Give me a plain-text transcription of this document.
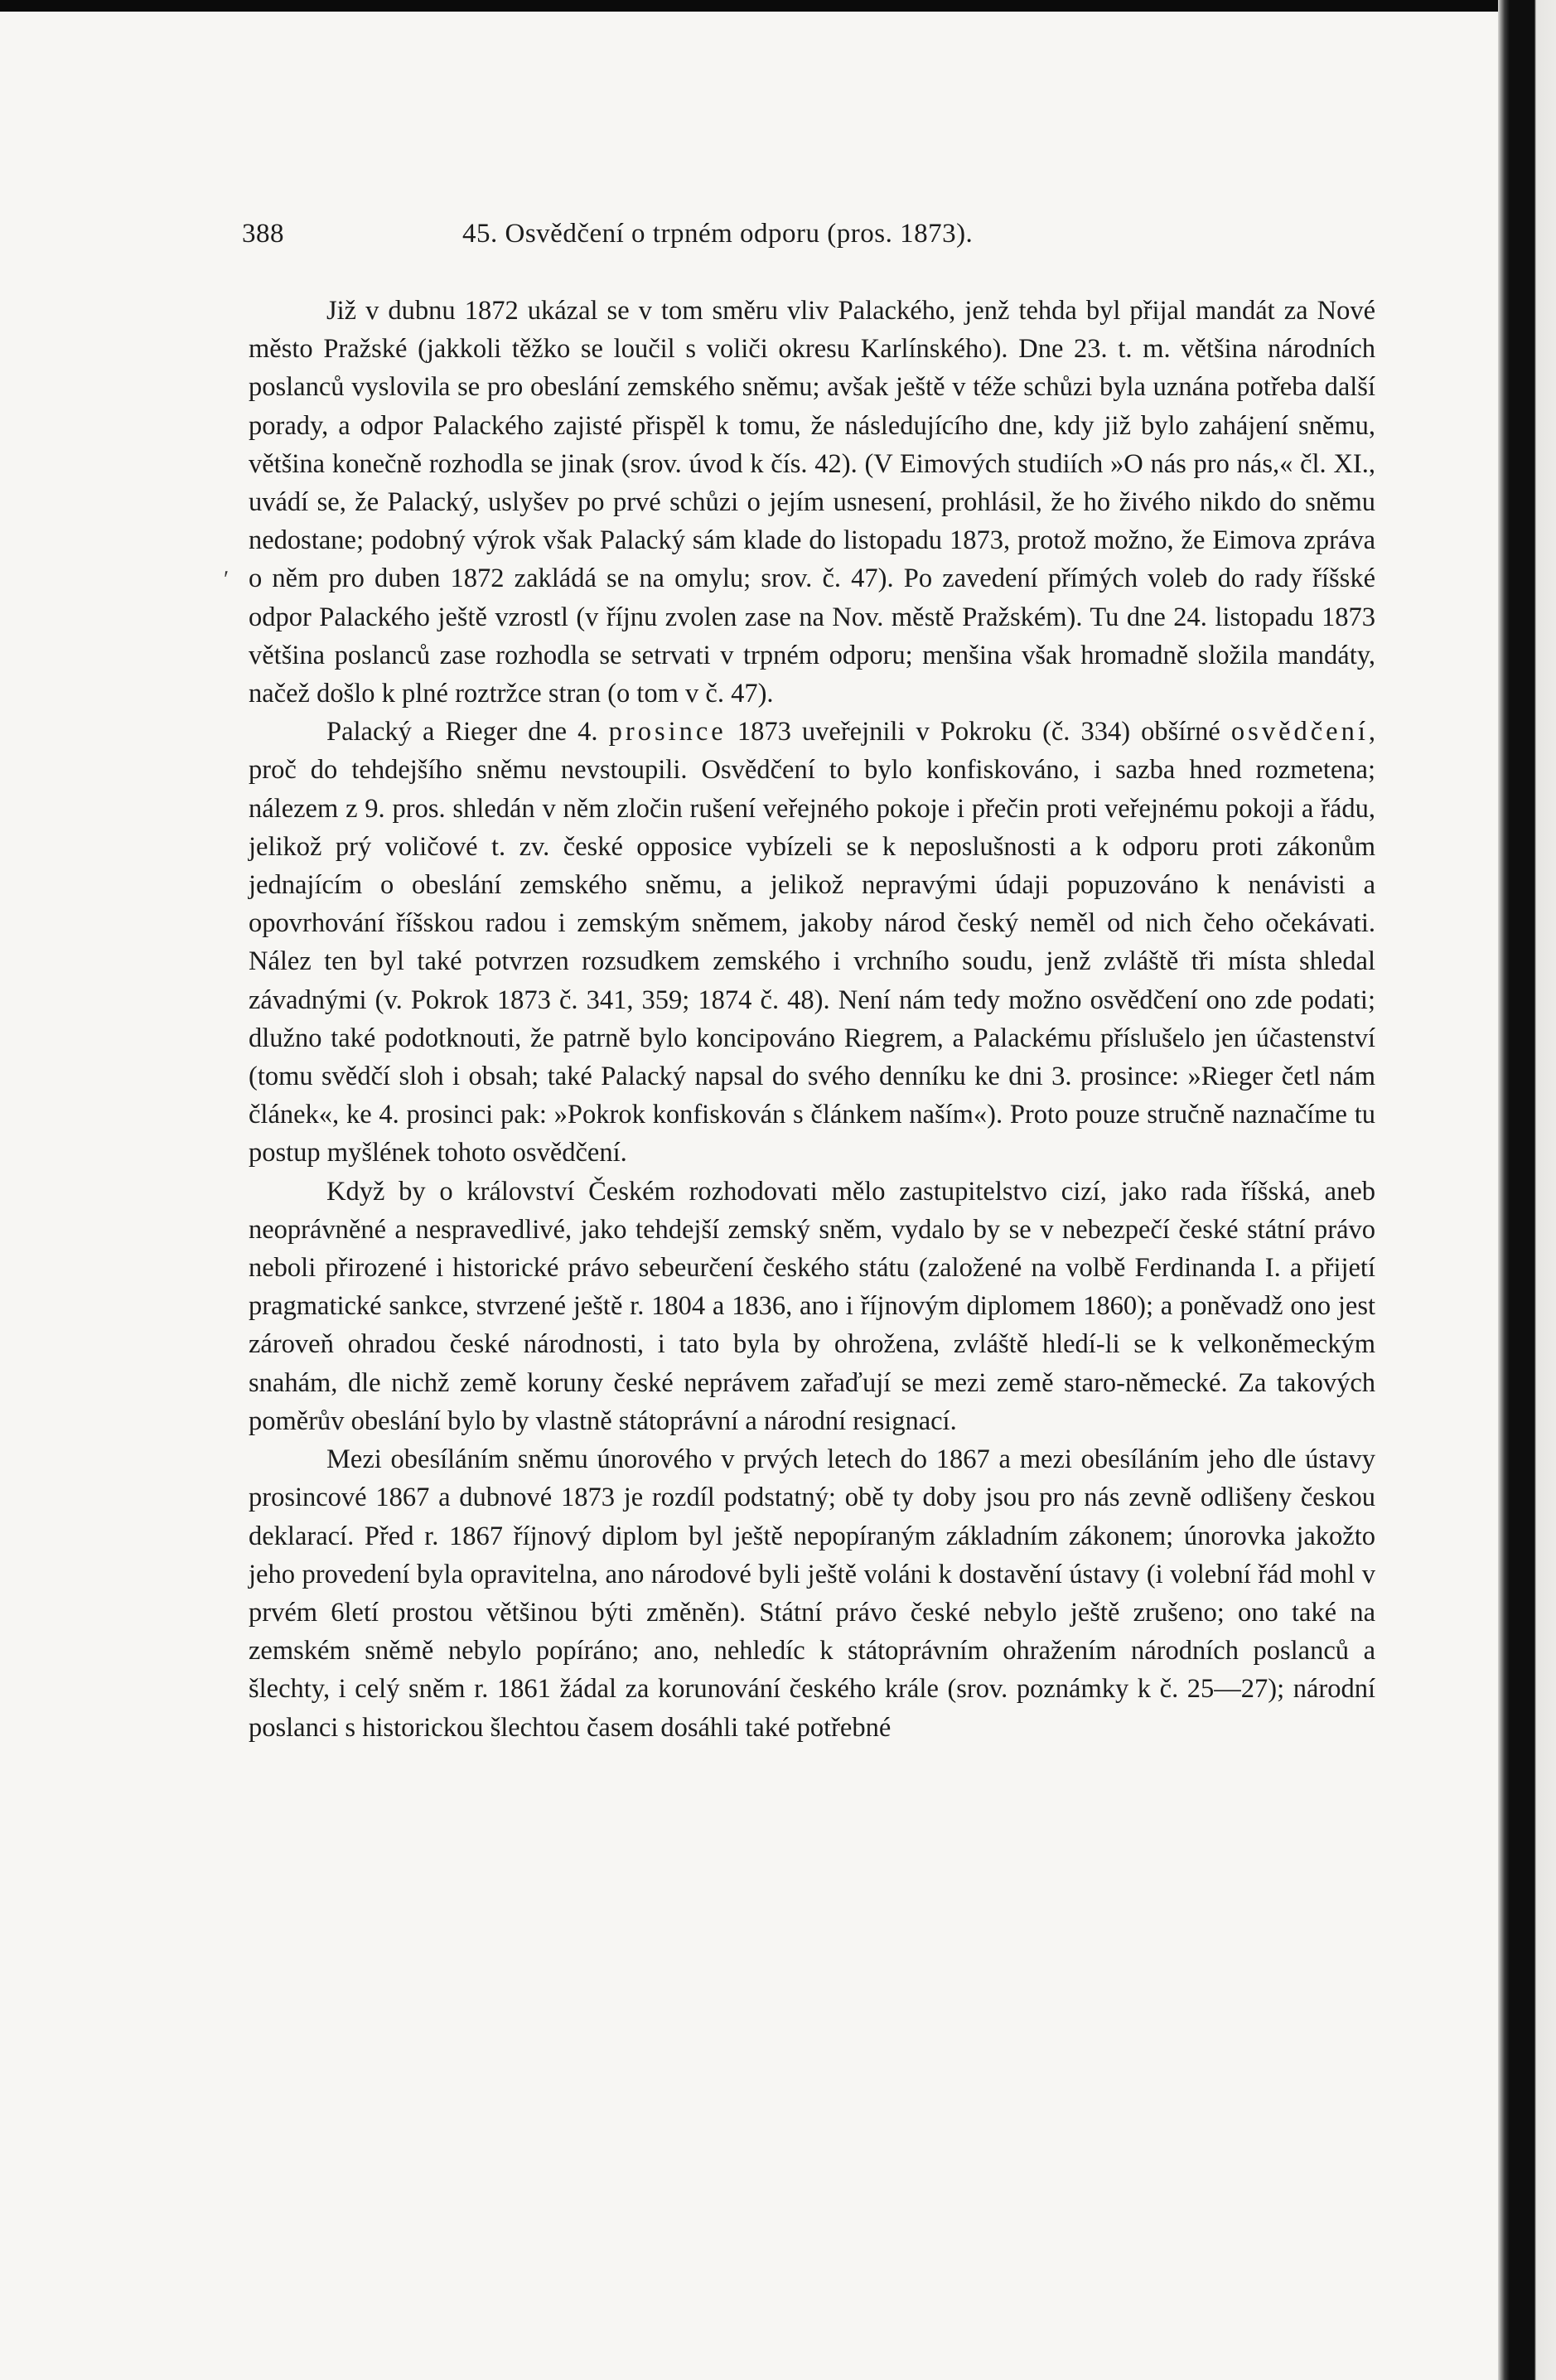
388	45. Osvědčení o trpném odporu (pros. 1873).
ʹ

Již v dubnu 1872 ukázal se v tom směru vliv Palackého, jenž tehda byl přijal mandát za Nové město Pražské (jakkoli těžko se loučil s voliči okresu Karlínského). Dne 23. t. m. většina národních poslanců vyslovila se pro obeslání zemského sněmu; avšak ještě v téže schůzi byla uznána potřeba další porady, a odpor Palackého zajisté přispěl k tomu, že následujícího dne, kdy již bylo zahájení sněmu, většina konečně rozhodla se jinak (srov. úvod k čís. 42). (V Eimových studiích »O nás pro nás,« čl. XI., uvádí se, že Palacký, uslyšev po prvé schůzi o jejím usnesení, prohlásil, že ho živého nikdo do sněmu nedostane; podobný výrok však Palacký sám klade do listopadu 1873, protož možno, že Eimova zpráva o něm pro duben 1872 zakládá se na omylu; srov. č. 47). Po zavedení přímých voleb do rady říšské odpor Palackého ještě vzrostl (v říjnu zvolen zase na Nov. městě Pražském). Tu dne 24. listopadu 1873 většina poslanců zase rozhodla se setrvati v trpném odporu; menšina však hromadně složila mandáty, načež došlo k plné roztržce stran (o tom v č. 47).

Palacký a Rieger dne 4. prosince 1873 uveřejnili v Pokroku (č. 334) obšírné osvědčení, proč do tehdejšího sněmu nevstoupili. Osvědčení to bylo konfiskováno, i sazba hned rozmetena; nálezem z 9. pros. shledán v něm zločin rušení veřejného pokoje i přečin proti veřejnému pokoji a řádu, jelikož prý voličové t. zv. české opposice vybízeli se k neposlušnosti a k odporu proti zákonům jednajícím o obeslání zemského sněmu, a jelikož nepravými údaji popuzováno k nenávisti a opovrhování říšskou radou i zemským sněmem, jakoby národ český neměl od nich čeho očekávati. Nález ten byl také potvrzen rozsudkem zemského i vrchního soudu, jenž zvláště tři místa shledal závadnými (v. Pokrok 1873 č. 341, 359; 1874 č. 48). Není nám tedy možno osvědčení ono zde podati; dlužno také podotknouti, že patrně bylo koncipováno Riegrem, a Palackému příslušelo jen účastenství (tomu svědčí sloh i obsah; také Palacký napsal do svého denníku ke dni 3. prosince: »Rieger četl nám článek«, ke 4. prosinci pak: »Pokrok konfiskován s článkem naším«). Proto pouze stručně naznačíme tu postup myšlének tohoto osvědčení.

Když by o království Českém rozhodovati mělo zastupitelstvo cizí, jako rada říšská, aneb neoprávněné a nespravedlivé, jako tehdejší zemský sněm, vydalo by se v nebezpečí české státní právo neboli přirozené i historické právo sebeurčení českého státu (založené na volbě Ferdinanda I. a přijetí pragmatické sankce, stvrzené ještě r. 1804 a 1836, ano i říjnovým diplomem 1860); a poněvadž ono jest zároveň ohradou české národnosti, i tato byla by ohrožena, zvláště hledí-li se k velkoněmeckým snahám, dle nichž země koruny české neprávem zařaďují se mezi země staro-německé. Za takových poměrův obeslání bylo by vlastně státoprávní a národní resignací.

Mezi obesíláním sněmu únorového v prvých letech do 1867 a mezi obesíláním jeho dle ústavy prosincové 1867 a dubnové 1873 je rozdíl podstatný; obě ty doby jsou pro nás zevně odlišeny českou deklarací. Před r. 1867 říjnový diplom byl ještě nepopíraným základním zákonem; únorovka jakožto jeho provedení byla opravitelna, ano národové byli ještě voláni k dostavění ústavy (i volební řád mohl v prvém 6letí prostou většinou býti změněn). Státní právo české nebylo ještě zrušeno; ono také na zemském sněmě nebylo popíráno; ano, nehledíc k státoprávním ohražením národních poslanců a šlechty, i celý sněm r. 1861 žádal za korunování českého krále (srov. poznámky k č. 25—27); národní poslanci s historickou šlechtou časem dosáhli také potřebné
